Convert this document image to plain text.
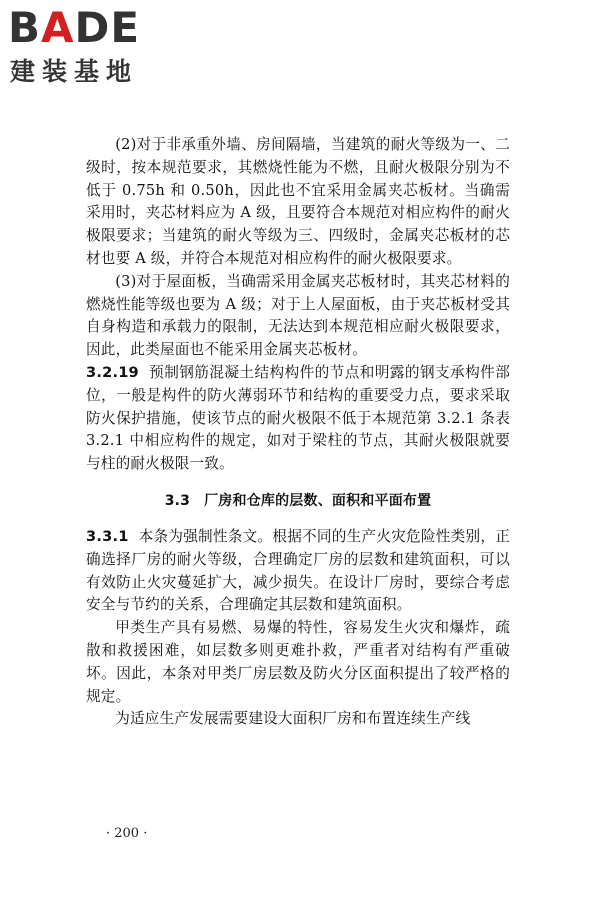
BADE
建装基地

(2)对于非承重外墙、房间隔墙，当建筑的耐火等级为一、二级时，按本规范要求，其燃烧性能为不燃，且耐火极限分别为不低于 0.75h 和 0.50h，因此也不宜采用金属夹芯板材。当确需采用时，夹芯材料应为 A 级，且要符合本规范对相应构件的耐火极限要求；当建筑的耐火等级为三、四级时，金属夹芯板材的芯材也要 A 级，并符合本规范对相应构件的耐火极限要求。

(3)对于屋面板，当确需采用金属夹芯板材时，其夹芯材料的燃烧性能等级也要为 A 级；对于上人屋面板，由于夹芯板材受其自身构造和承载力的限制，无法达到本规范相应耐火极限要求，因此，此类屋面也不能采用金属夹芯板材。

3.2.19 预制钢筋混凝土结构构件的节点和明露的钢支承构件部位，一般是构件的防火薄弱环节和结构的重要受力点，要求采取防火保护措施，使该节点的耐火极限不低于本规范第 3.2.1 条表 3.2.1 中相应构件的规定，如对于梁柱的节点，其耐火极限就要与柱的耐火极限一致。

3.3 厂房和仓库的层数、面积和平面布置

3.3.1 本条为强制性条文。根据不同的生产火灾危险性类别，正确选择厂房的耐火等级，合理确定厂房的层数和建筑面积，可以有效防止火灾蔓延扩大，减少损失。在设计厂房时，要综合考虑安全与节约的关系，合理确定其层数和建筑面积。

甲类生产具有易燃、易爆的特性，容易发生火灾和爆炸，疏散和救援困难，如层数多则更难扑救，严重者对结构有严重破坏。因此，本条对甲类厂房层数及防火分区面积提出了较严格的规定。

为适应生产发展需要建设大面积厂房和布置连续生产线

· 200 ·
